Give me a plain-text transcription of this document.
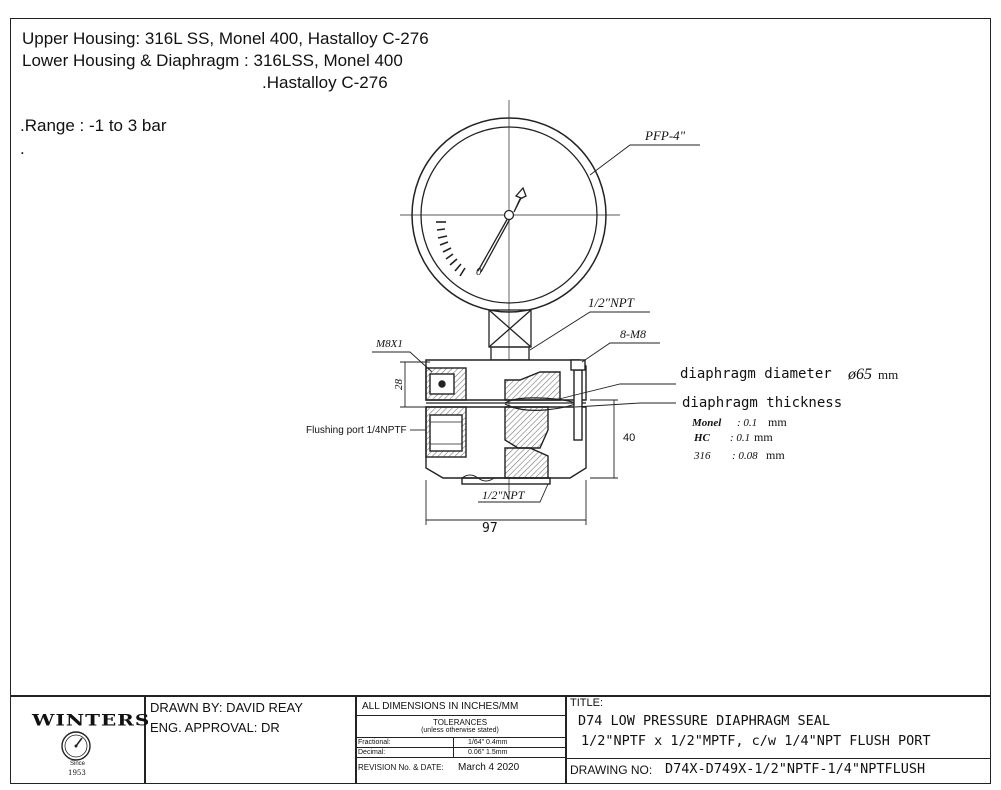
Upper Housing: 316L SS, Monel 400, Hastalloy C-276
Lower Housing & Diaphragm : 316LSS, Monel 400
.Hastalloy C-276
.Range : -1 to 3 bar
.
0
PFP-4"
1/2"NPT
8-M8
M8X1
28
40
97
1/2"NPT
Flushing port 1/4NPTF
diaphragm diameter ø65 mm
diaphragm thickness
Monel : 0.1 mm
HC : 0.1 mm
316 : 0.08 mm
WINTERS
Since
1953
DRAWN BY: DAVID REAY
ENG. APPROVAL: DR
ALL DIMENSIONS IN INCHES/MM
TOLERANCES
(unless otherwise stated)
Fractional:	1/64" 0.4mm
Decimal:	0.06" 1.5mm
REVISION No. & DATE: March 4 2020
TITLE:
D74 LOW PRESSURE DIAPHRAGM SEAL
1/2"NPTF x 1/2"MPTF, c/w 1/4"NPT FLUSH PORT
DRAWING NO: D74X-D749X-1/2"NPTF-1/4"NPTFLUSH
